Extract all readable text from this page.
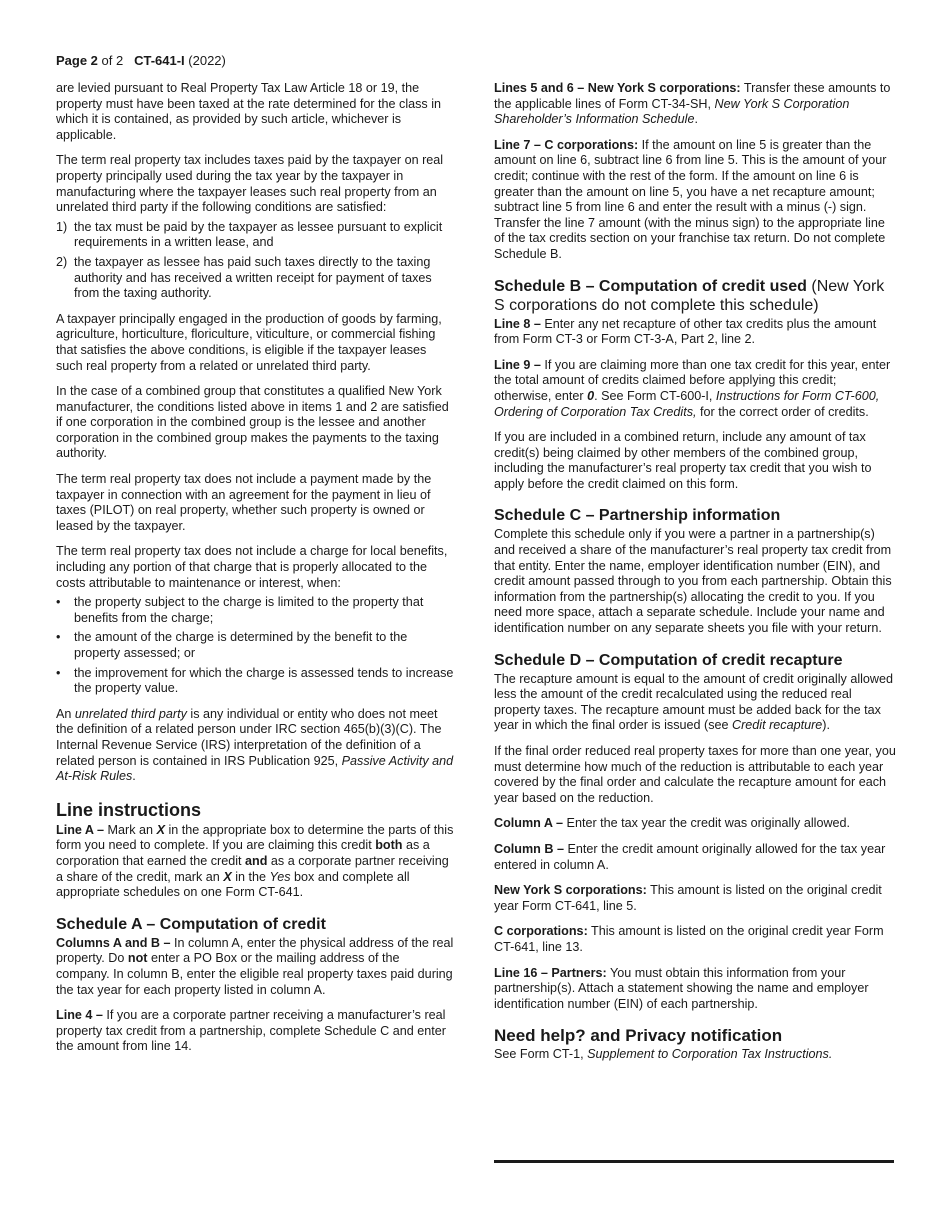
Page 2 of 2 CT-641-I (2022)

are levied pursuant to Real Property Tax Law Article 18 or 19, the property must have been taxed at the rate determined for the class in which it is contained, as provided by such article, whichever is applicable.

The term real property tax includes taxes paid by the taxpayer on real property principally used during the tax year by the taxpayer in manufacturing where the taxpayer leases such real property from an unrelated third party if the following conditions are satisfied:

1) the tax must be paid by the taxpayer as lessee pursuant to explicit requirements in a written lease, and
2) the taxpayer as lessee has paid such taxes directly to the taxing authority and has received a written receipt for payment of taxes from the taxing authority.

A taxpayer principally engaged in the production of goods by farming, agriculture, horticulture, floriculture, viticulture, or commercial fishing that satisfies the above conditions, is eligible if the taxpayer leases such real property from a related or unrelated third party.

In the case of a combined group that constitutes a qualified New York manufacturer, the conditions listed above in items 1 and 2 are satisfied if one corporation in the combined group is the lessee and another corporation in the combined group makes the payments to the taxing authority.

The term real property tax does not include a payment made by the taxpayer in connection with an agreement for the payment in lieu of taxes (PILOT) on real property, whether such property is owned or leased by the taxpayer.

The term real property tax does not include a charge for local benefits, including any portion of that charge that is properly allocated to the costs attributable to maintenance or interest, when:

• the property subject to the charge is limited to the property that benefits from the charge;
• the amount of the charge is determined by the benefit to the property assessed; or
• the improvement for which the charge is assessed tends to increase the property value.

An unrelated third party is any individual or entity who does not meet the definition of a related person under IRC section 465(b)(3)(C). The Internal Revenue Service (IRS) interpretation of the definition of a related person is contained in IRS Publication 925, Passive Activity and At-Risk Rules.

Line instructions

Line A – Mark an X in the appropriate box to determine the parts of this form you need to complete. If you are claiming this credit both as a corporation that earned the credit and as a corporate partner receiving a share of the credit, mark an X in the Yes box and complete all appropriate schedules on one Form CT-641.

Schedule A – Computation of credit

Columns A and B – In column A, enter the physical address of the real property. Do not enter a PO Box or the mailing address of the company. In column B, enter the eligible real property taxes paid during the tax year for each property listed in column A.

Line 4 – If you are a corporate partner receiving a manufacturer’s real property tax credit from a partnership, complete Schedule C and enter the amount from line 14.

Lines 5 and 6 – New York S corporations: Transfer these amounts to the applicable lines of Form CT-34-SH, New York S Corporation Shareholder’s Information Schedule.

Line 7 – C corporations: If the amount on line 5 is greater than the amount on line 6, subtract line 6 from line 5. This is the amount of your credit; continue with the rest of the form. If the amount on line 6 is greater than the amount on line 5, you have a net recapture amount; subtract line 5 from line 6 and enter the result with a minus (-) sign. Transfer the line 7 amount (with the minus sign) to the appropriate line of the tax credits section on your franchise tax return. Do not complete Schedule B.

Schedule B – Computation of credit used (New York S corporations do not complete this schedule)

Line 8 – Enter any net recapture of other tax credits plus the amount from Form CT-3 or Form CT-3-A, Part 2, line 2.

Line 9 – If you are claiming more than one tax credit for this year, enter the total amount of credits claimed before applying this credit; otherwise, enter 0. See Form CT-600-I, Instructions for Form CT-600, Ordering of Corporation Tax Credits, for the correct order of credits.

If you are included in a combined return, include any amount of tax credit(s) being claimed by other members of the combined group, including the manufacturer’s real property tax credit that you wish to apply before the credit claimed on this form.

Schedule C – Partnership information

Complete this schedule only if you were a partner in a partnership(s) and received a share of the manufacturer’s real property tax credit from that entity. Enter the name, employer identification number (EIN), and credit amount passed through to you from each partnership. Obtain this information from the partnership(s) allocating the credit to you. If you need more space, attach a separate schedule. Include your name and identification number on any separate sheets you file with your return.

Schedule D – Computation of credit recapture

The recapture amount is equal to the amount of credit originally allowed less the amount of the credit recalculated using the reduced real property taxes. The recapture amount must be added back for the tax year in which the final order is issued (see Credit recapture).

If the final order reduced real property taxes for more than one year, you must determine how much of the reduction is attributable to each year covered by the final order and calculate the recapture amount for each year based on the reduction.

Column A – Enter the tax year the credit was originally allowed.

Column B – Enter the credit amount originally allowed for the tax year entered in column A.

New York S corporations: This amount is listed on the original credit year Form CT-641, line 5.

C corporations: This amount is listed on the original credit year Form CT-641, line 13.

Line 16 – Partners: You must obtain this information from your partnership(s). Attach a statement showing the name and employer identification number (EIN) of each partnership.

Need help? and Privacy notification

See Form CT-1, Supplement to Corporation Tax Instructions.
